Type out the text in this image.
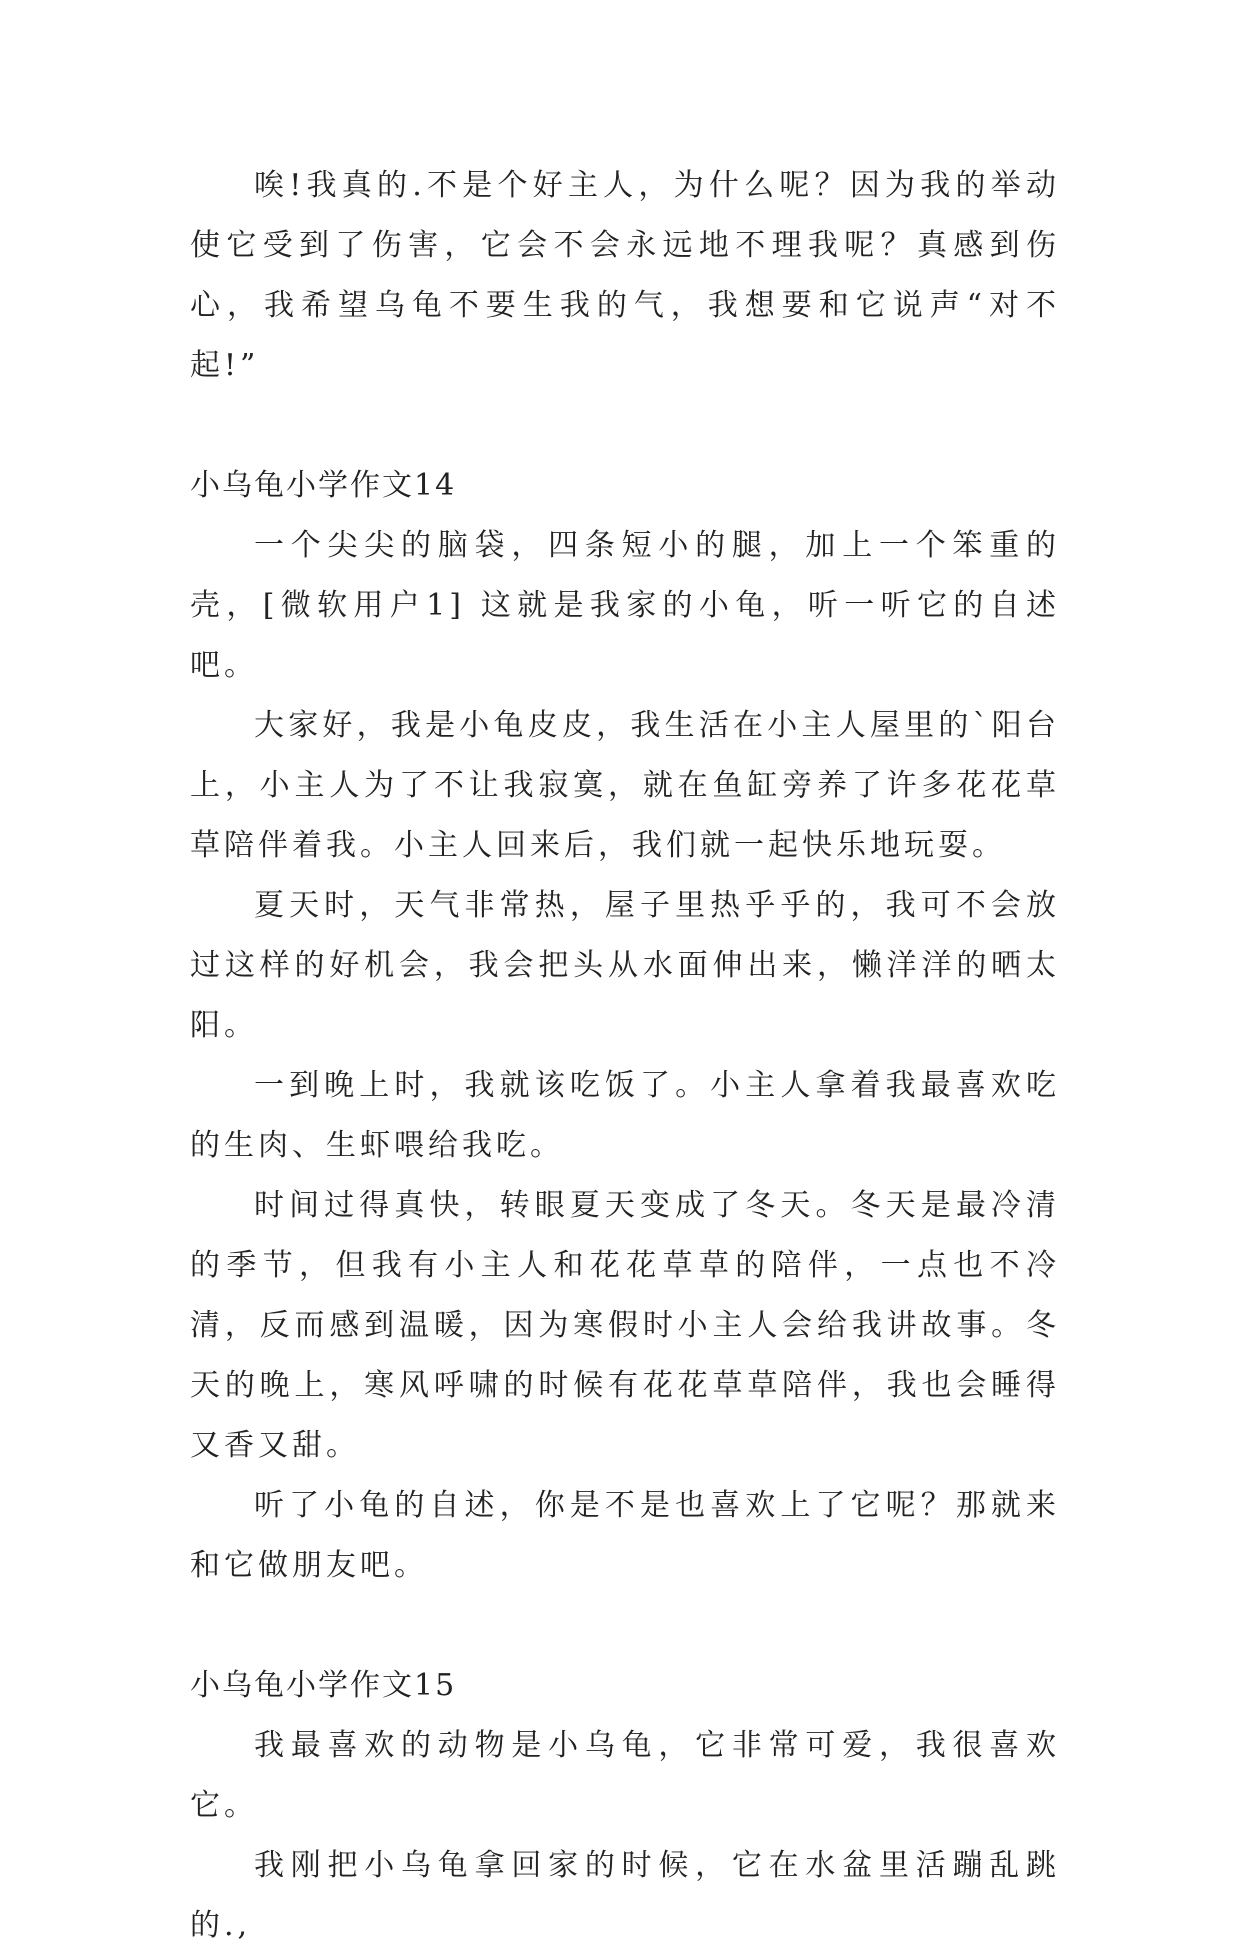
唉!我真的.不是个好主人，为什么呢？因为我的举动使它受到了伤害，它会不会永远地不理我呢？真感到伤心，我希望乌龟不要生我的气，我想要和它说声“对不起!”

小乌龟小学作文14

一个尖尖的脑袋，四条短小的腿，加上一个笨重的壳，[微软用户1] 这就是我家的小龟，听一听它的自述吧。

大家好，我是小龟皮皮，我生活在小主人屋里的`阳台上，小主人为了不让我寂寞，就在鱼缸旁养了许多花花草草陪伴着我。小主人回来后，我们就一起快乐地玩耍。

夏天时，天气非常热，屋子里热乎乎的，我可不会放过这样的好机会，我会把头从水面伸出来，懒洋洋的晒太阳。

一到晚上时，我就该吃饭了。小主人拿着我最喜欢吃的生肉、生虾喂给我吃。

时间过得真快，转眼夏天变成了冬天。冬天是最冷清的季节，但我有小主人和花花草草的陪伴，一点也不冷清，反而感到温暖，因为寒假时小主人会给我讲故事。冬天的晚上，寒风呼啸的时候有花花草草陪伴，我也会睡得又香又甜。

听了小龟的自述，你是不是也喜欢上了它呢？那就来和它做朋友吧。

小乌龟小学作文15

我最喜欢的动物是小乌龟，它非常可爱，我很喜欢它。

我刚把小乌龟拿回家的时候，它在水盆里活蹦乱跳的.,
